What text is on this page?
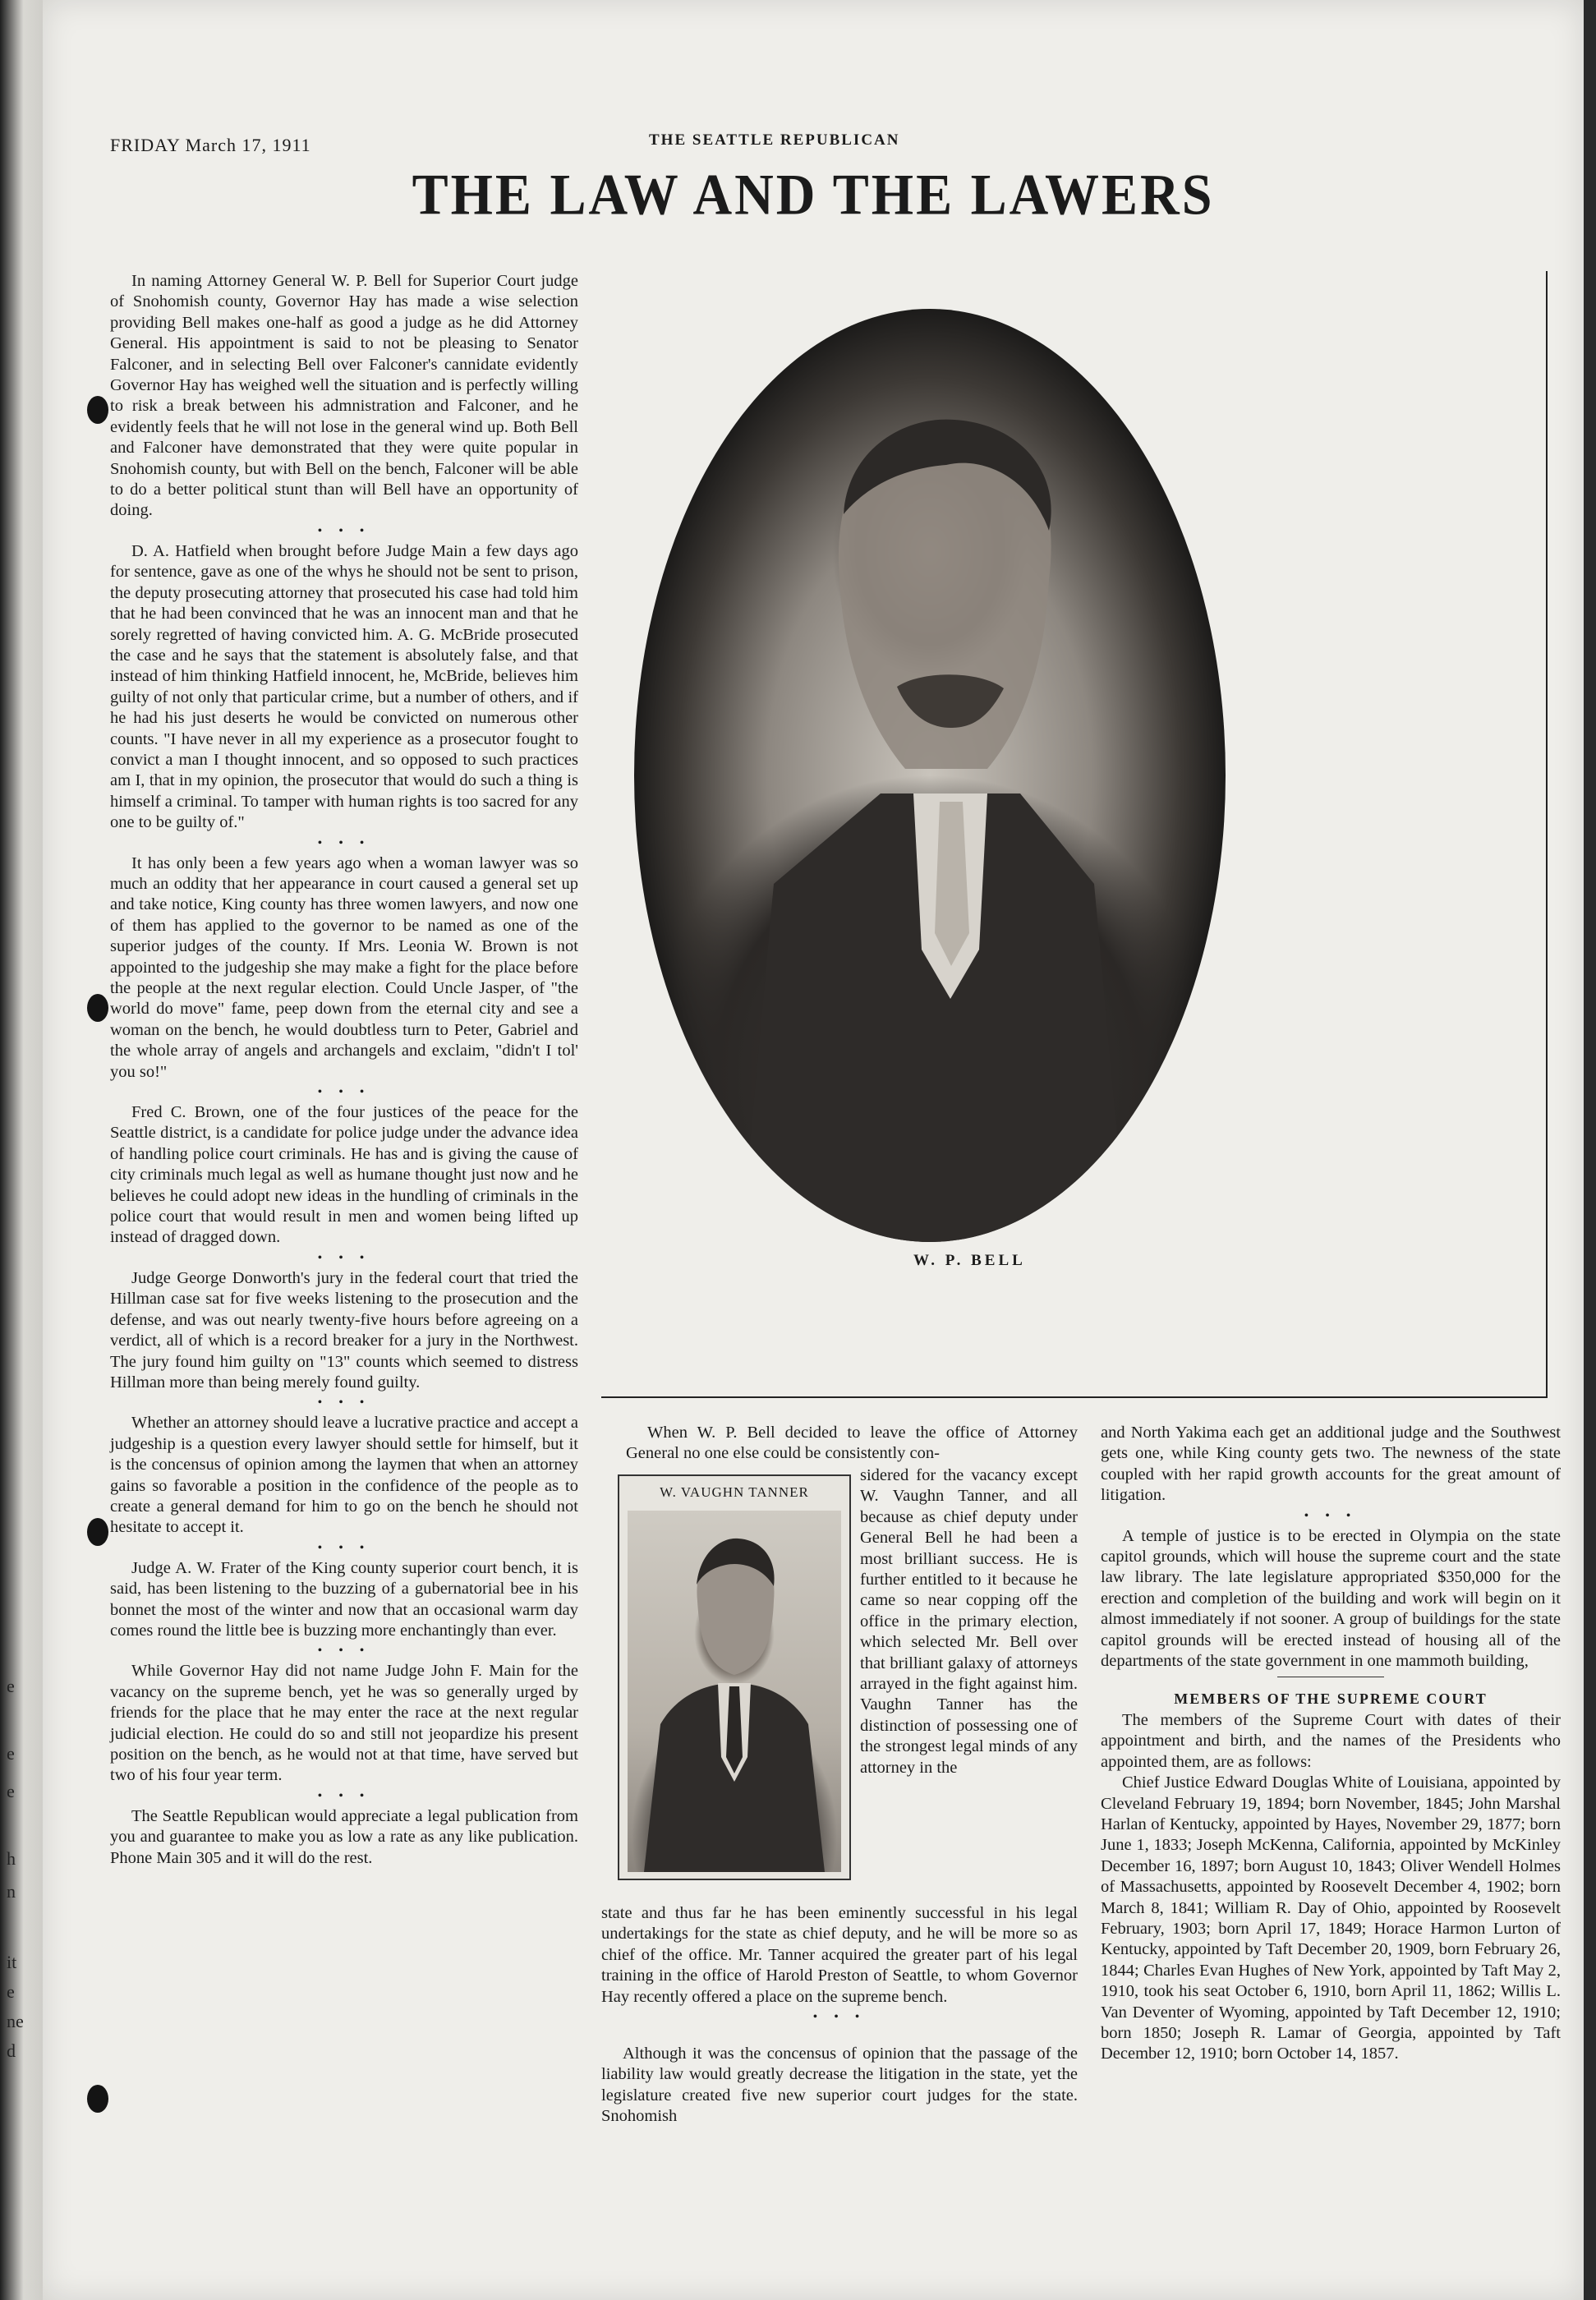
e
e
e
h
n
it
e
ne
d
FRIDAY March 17, 1911	THE SEATTLE REPUBLICAN
THE LAW AND THE LAWERS

In naming Attorney General W. P. Bell for Superior Court judge of Snohomish county, Governor Hay has made a wise selection providing Bell makes one-half as good a judge as he did Attorney General. His appointment is said to not be pleasing to Senator Falconer, and in selecting Bell over Falconer's cannidate evidently Governor Hay has weighed well the situation and is perfectly willing to risk a break between his admnistration and Falconer, and he evidently feels that he will not lose in the general wind up. Both Bell and Falconer have demonstrated that they were quite popular in Snohomish county, but with Bell on the bench, Falconer will be able to do a better political stunt than will Bell have an opportunity of doing.

• • •

D. A. Hatfield when brought before Judge Main a few days ago for sentence, gave as one of the whys he should not be sent to prison, the deputy prosecuting attorney that prosecuted his case had told him that he had been convinced that he was an innocent man and that he sorely regretted of having convicted him. A. G. McBride prosecuted the case and he says that the statement is absolutely false, and that instead of him thinking Hatfield innocent, he, McBride, believes him guilty of not only that particular crime, but a number of others, and if he had his just deserts he would be convicted on numerous other counts. "I have never in all my experience as a prosecutor fought to convict a man I thought innocent, and so opposed to such practices am I, that in my opinion, the prosecutor that would do such a thing is himself a criminal. To tamper with human rights is too sacred for any one to be guilty of."

• • •

It has only been a few years ago when a woman lawyer was so much an oddity that her appearance in court caused a general set up and take notice, King county has three women lawyers, and now one of them has applied to the governor to be named as one of the superior judges of the county. If Mrs. Leonia W. Brown is not appointed to the judgeship she may make a fight for the place before the people at the next regular election. Could Uncle Jasper, of "the world do move" fame, peep down from the eternal city and see a woman on the bench, he would doubtless turn to Peter, Gabriel and the whole array of angels and archangels and exclaim, "didn't I tol' you so!"

• • •

Fred C. Brown, one of the four justices of the peace for the Seattle district, is a candidate for police judge under the advance idea of handling police court criminals. He has and is giving the cause of city criminals much legal as well as humane thought just now and he believes he could adopt new ideas in the hundling of criminals in the police court that would result in men and women being lifted up instead of dragged down.

• • •

Judge George Donworth's jury in the federal court that tried the Hillman case sat for five weeks listening to the prosecution and the defense, and was out nearly twenty-five hours before agreeing on a verdict, all of which is a record breaker for a jury in the Northwest. The jury found him guilty on "13" counts which seemed to distress Hillman more than being merely found guilty.

• • •

Whether an attorney should leave a lucrative practice and accept a judgeship is a question every lawyer should settle for himself, but it is the concensus of opinion among the laymen that when an attorney gains so favorable a position in the confidence of the people as to create a general demand for him to go on the bench he should not hesitate to accept it.

• • •

Judge A. W. Frater of the King county superior court bench, it is said, has been listening to the buzzing of a gubernatorial bee in his bonnet the most of the winter and now that an occasional warm day comes round the little bee is buzzing more enchantingly than ever.

• • •

While Governor Hay did not name Judge John F. Main for the vacancy on the supreme bench, yet he was so generally urged by friends for the place that he may enter the race at the next regular judicial election. He could do so and still not jeopardize his present position on the bench, as he would not at that time, have served but two of his four year term.

• • •

The Seattle Republican would appreciate a legal publication from you and guarantee to make you as low a rate as any like publication. Phone Main 305 and it will do the rest.

W. P. BELL

When W. P. Bell decided to leave the office of Attorney General no one else could be consistently con-

W. VAUGHN TANNER

sidered for the vacancy except W. Vaughn Tanner, and all because as chief deputy under General Bell he had been a most brilliant success. He is further entitled to it because he came so near copping off the office in the primary election, which selected Mr. Bell over that brilliant galaxy of attorneys arrayed in the fight against him. Vaughn Tanner has the distinction of possessing one of the strongest legal minds of any attorney in the

state and thus far he has been eminently successful in his legal undertakings for the state as chief deputy, and he will be more so as chief of the office. Mr. Tanner acquired the greater part of his legal training in the office of Harold Preston of Seattle, to whom Governor Hay recently offered a place on the supreme bench.

• • •

Although it was the concensus of opinion that the passage of the liability law would greatly decrease the litigation in the state, yet the legislature created five new superior court judges for the state. Snohomish

and North Yakima each get an additional judge and the Southwest gets one, while King county gets two. The newness of the state coupled with her rapid growth accounts for the great amount of litigation.

• • •

A temple of justice is to be erected in Olympia on the state capitol grounds, which will house the supreme court and the state law library. The late legislature appropriated $350,000 for the erection and completion of the building and work will begin on it almost immediately if not sooner. A group of buildings for the state capitol grounds will be erected instead of housing all of the departments of the state government in one mammoth building,

MEMBERS OF THE SUPREME COURT

The members of the Supreme Court with dates of their appointment and birth, and the names of the Presidents who appointed them, are as follows:

Chief Justice Edward Douglas White of Louisiana, appointed by Cleveland February 19, 1894; born November, 1845; John Marshal Harlan of Kentucky, appointed by Hayes, November 29, 1877; born June 1, 1833; Joseph McKenna, California, appointed by McKinley December 16, 1897; born August 10, 1843; Oliver Wendell Holmes of Massachusetts, appointed by Roosevelt December 4, 1902; born March 8, 1841; William R. Day of Ohio, appointed by Roosevelt February, 1903; born April 17, 1849; Horace Harmon Lurton of Kentucky, appointed by Taft December 20, 1909, born February 26, 1844; Charles Evan Hughes of New York, appointed by Taft May 2, 1910, took his seat October 6, 1910, born April 11, 1862; Willis L. Van Deventer of Wyoming, appointed by Taft December 12, 1910; born 1850; Joseph R. Lamar of Georgia, appointed by Taft December 12, 1910; born October 14, 1857.
